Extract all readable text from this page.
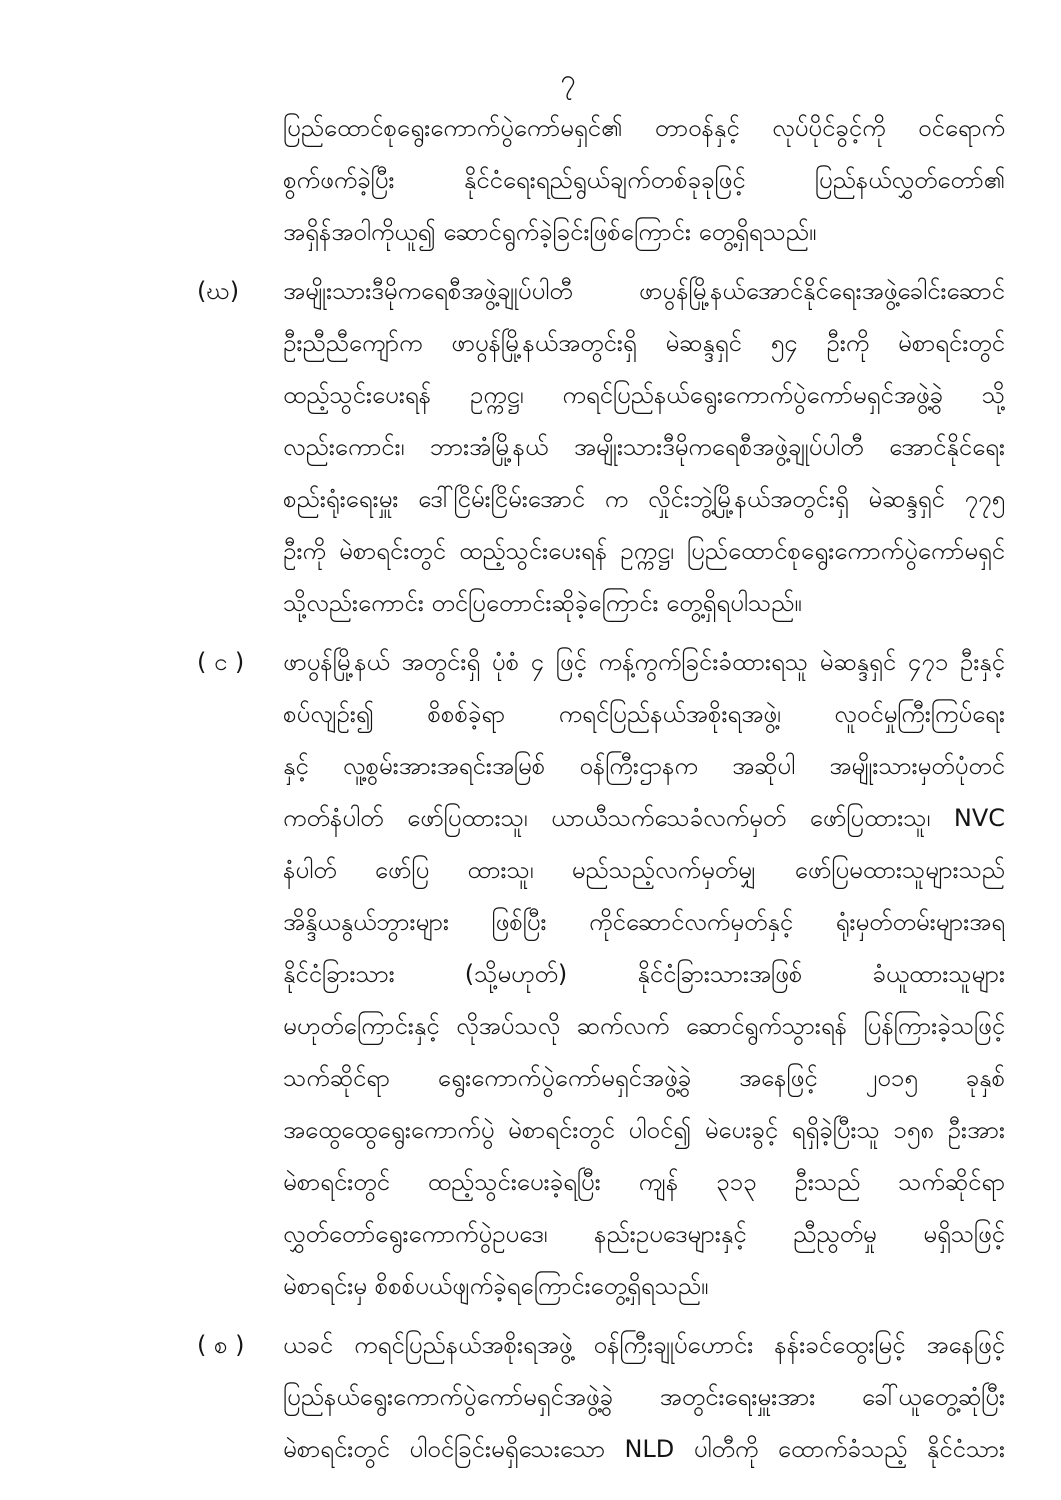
၇
ပြည်ထောင်စုရွေးကောက်ပွဲကော်မရှင်၏ တာဝန်နှင့် လုပ်ပိုင်ခွင့်ကို ဝင်ရောက်
စွက်ဖက်ခဲ့ပြီး နိုင်ငံရေးရည်ရွယ်ချက်တစ်ခုခုဖြင့် ပြည်နယ်လွှတ်တော်၏
အရှိန်အဝါကိုယူ၍ ဆောင်ရွက်ခဲ့ခြင်းဖြစ်ကြောင်း တွေ့ရှိရသည်။
(ဃ)	အမျိုးသားဒီမိုကရေစီအဖွဲ့ချုပ်ပါတီ ဖာပွန်မြို့နယ်အောင်နိုင်ရေးအဖွဲ့ခေါင်းဆောင်
ဦးညီညီကျော်က ဖာပွန်မြို့နယ်အတွင်းရှိ မဲဆန္ဒရှင် ၅၄ ဦးကို မဲစာရင်းတွင်
ထည့်သွင်းပေးရန် ဥက္ကဋ္ဌ၊ ကရင်ပြည်နယ်ရွေးကောက်ပွဲကော်မရှင်အဖွဲ့ခွဲ သို့
လည်းကောင်း၊ ဘားအံမြို့နယ် အမျိုးသားဒီမိုကရေစီအဖွဲ့ချုပ်ပါတီ အောင်နိုင်ရေး
စည်းရုံးရေးမှူး ဒေါ်ငြိမ်းငြိမ်းအောင် က လှိုင်းဘွဲ့မြို့နယ်အတွင်းရှိ မဲဆန္ဒရှင် ၇၇၅
ဦးကို မဲစာရင်းတွင် ထည့်သွင်းပေးရန် ဥက္ကဋ္ဌ၊ ပြည်ထောင်စုရွေးကောက်ပွဲကော်မရှင်
သို့လည်းကောင်း တင်ပြတောင်းဆိုခဲ့ကြောင်း တွေ့ရှိရပါသည်။
( င )	ဖာပွန်မြို့နယ် အတွင်းရှိ ပုံစံ ၄ ဖြင့် ကန့်ကွက်ခြင်းခံထားရသူ မဲဆန္ဒရှင် ၄၇၁ ဦးနှင့်
စပ်လျဉ်း၍ စိစစ်ခဲ့ရာ ကရင်ပြည်နယ်အစိုးရအဖွဲ့၊ လူဝင်မှုကြီးကြပ်ရေး
နှင့် လူ့စွမ်းအားအရင်းအမြစ် ဝန်ကြီးဌာနက အဆိုပါ အမျိုးသားမှတ်ပုံတင်
ကတ်နံပါတ် ဖော်ပြထားသူ၊ ယာယီသက်သေခံလက်မှတ် ဖော်ပြထားသူ၊ NVC
နံပါတ် ဖော်ပြ ထားသူ၊ မည်သည့်လက်မှတ်မျှ ဖော်ပြမထားသူများသည်
အိန္ဒိယနွယ်ဘွားများ ဖြစ်ပြီး ကိုင်ဆောင်လက်မှတ်နှင့် ရုံးမှတ်တမ်းများအရ
နိုင်ငံခြားသား (သို့မဟုတ်) နိုင်ငံခြားသားအဖြစ် ခံယူထားသူများ
မဟုတ်ကြောင်းနှင့် လိုအပ်သလို ဆက်လက် ဆောင်ရွက်သွားရန် ပြန်ကြားခဲ့သဖြင့်
သက်ဆိုင်ရာ ရွေးကောက်ပွဲကော်မရှင်အဖွဲ့ခွဲ အနေဖြင့် ၂၀၁၅ ခုနှစ်
အထွေထွေရွေးကောက်ပွဲ မဲစာရင်းတွင် ပါဝင်၍ မဲပေးခွင့် ရရှိခဲ့ပြီးသူ ၁၅၈ ဦးအား
မဲစာရင်းတွင် ထည့်သွင်းပေးခဲ့ရပြီး ကျန် ၃၁၃ ဦးသည် သက်ဆိုင်ရာ
လွှတ်တော်ရွေးကောက်ပွဲဥပဒေ၊ နည်းဥပဒေများနှင့် ညီညွတ်မှု မရှိသဖြင့်
မဲစာရင်းမှ စိစစ်ပယ်ဖျက်ခဲ့ရကြောင်းတွေ့ရှိရသည်။
( စ )	ယခင် ကရင်ပြည်နယ်အစိုးရအဖွဲ့ ဝန်ကြီးချုပ်ဟောင်း နန်းခင်ထွေးမြင့် အနေဖြင့်
ပြည်နယ်ရွေးကောက်ပွဲကော်မရှင်အဖွဲ့ခွဲ အတွင်းရေးမှူးအား ခေါ်ယူတွေ့ဆုံပြီး
မဲစာရင်းတွင် ပါဝင်ခြင်းမရှိသေးသော NLD ပါတီကို ထောက်ခံသည့် နိုင်ငံသား
